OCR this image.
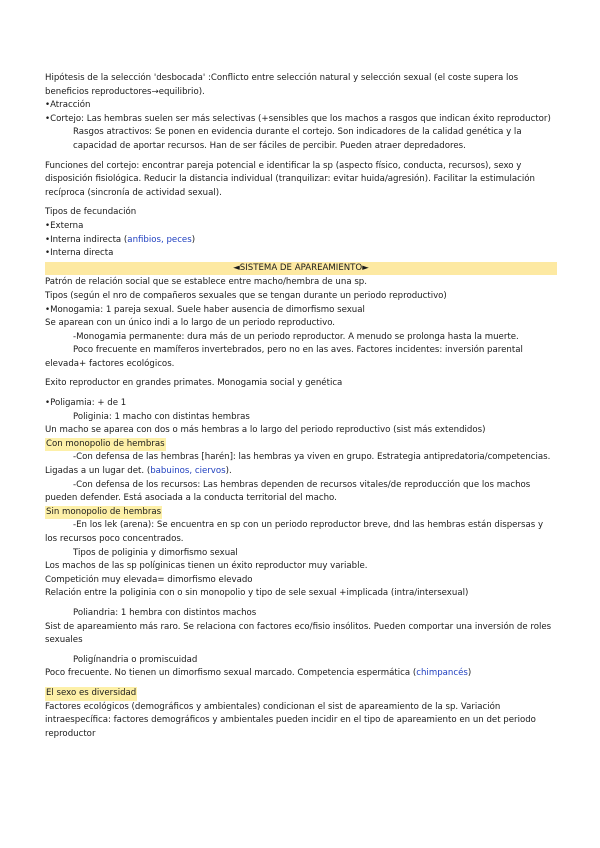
Hipótesis de la selección 'desbocada' :Conflicto entre selección natural y selección sexual (el coste supera los beneficios reproductores→equilibrio).

•Atracción

•Cortejo: Las hembras suelen ser más selectivas (+sensibles que los machos a rasgos que indican éxito reproductor)

Rasgos atractivos: Se ponen en evidencia durante el cortejo. Son indicadores de la calidad genética y la capacidad de aportar recursos. Han de ser fáciles de percibir. Pueden atraer depredadores.

Funciones del cortejo: encontrar pareja potencial e identificar la sp (aspecto físico, conducta, recursos), sexo y disposición fisiológica. Reducir la distancia individual (tranquilizar: evitar huida/agresión). Facilitar la estimulación recíproca (sincronía de actividad sexual).

Tipos de fecundación

•Externa

•Interna indirecta (anfibios, peces)

•Interna directa

◄SISTEMA DE APAREAMIENTO►

Patrón de relación social que se establece entre macho/hembra de una sp.

Tipos (según el nro de compañeros sexuales que se tengan durante un periodo reproductivo)

•Monogamia: 1 pareja sexual. Suele haber ausencia de dimorfismo sexual

Se aparean con un único indi a lo largo de un periodo reproductivo.

-Monogamia permanente: dura más de un periodo reproductor. A menudo se prolonga hasta la muerte.

Poco frecuente en mamíferos invertebrados, pero no en las aves. Factores incidentes: inversión parental elevada+ factores ecológicos.

Exito reproductor en grandes primates. Monogamia social y genética

•Poligamia: + de 1

Poliginia: 1 macho con distintas hembras

Un macho se aparea con dos o más hembras a lo largo del periodo reproductivo (sist más extendidos)

Con monopolio de hembras

-Con defensa de las hembras [harén]: las hembras ya viven en grupo. Estrategia antipredatoria/competencias. Ligadas a un lugar det. (babuinos, ciervos).

-Con defensa de los recursos: Las hembras dependen de recursos vitales/de reproducción que los machos pueden defender. Está asociada a la conducta territorial del macho.

Sin monopolio de hembras

-En los lek (arena): Se encuentra en sp con un periodo reproductor breve, dnd las hembras están dispersas y los recursos poco concentrados.

Tipos de poliginia y dimorfismo sexual

Los machos de las sp políginicas tienen un éxito reproductor muy variable.

Competición muy elevada= dimorfismo elevado

Relación entre la poliginia con o sin monopolio y tipo de sele sexual +implicada (intra/intersexual)

Poliandria: 1 hembra con distintos machos

Sist de apareamiento más raro. Se relaciona con factores eco/fisio insólitos. Pueden comportar una inversión de roles sexuales

Poligínandria o promiscuidad

Poco frecuente. No tienen un dimorfismo sexual marcado. Competencia espermática (chimpancés)

El sexo es diversidad

Factores ecológicos (demográficos y ambientales) condicionan el sist de apareamiento de la sp. Variación intraespecífica: factores demográficos y ambientales pueden incidir en el tipo de apareamiento en un det periodo reproductor
